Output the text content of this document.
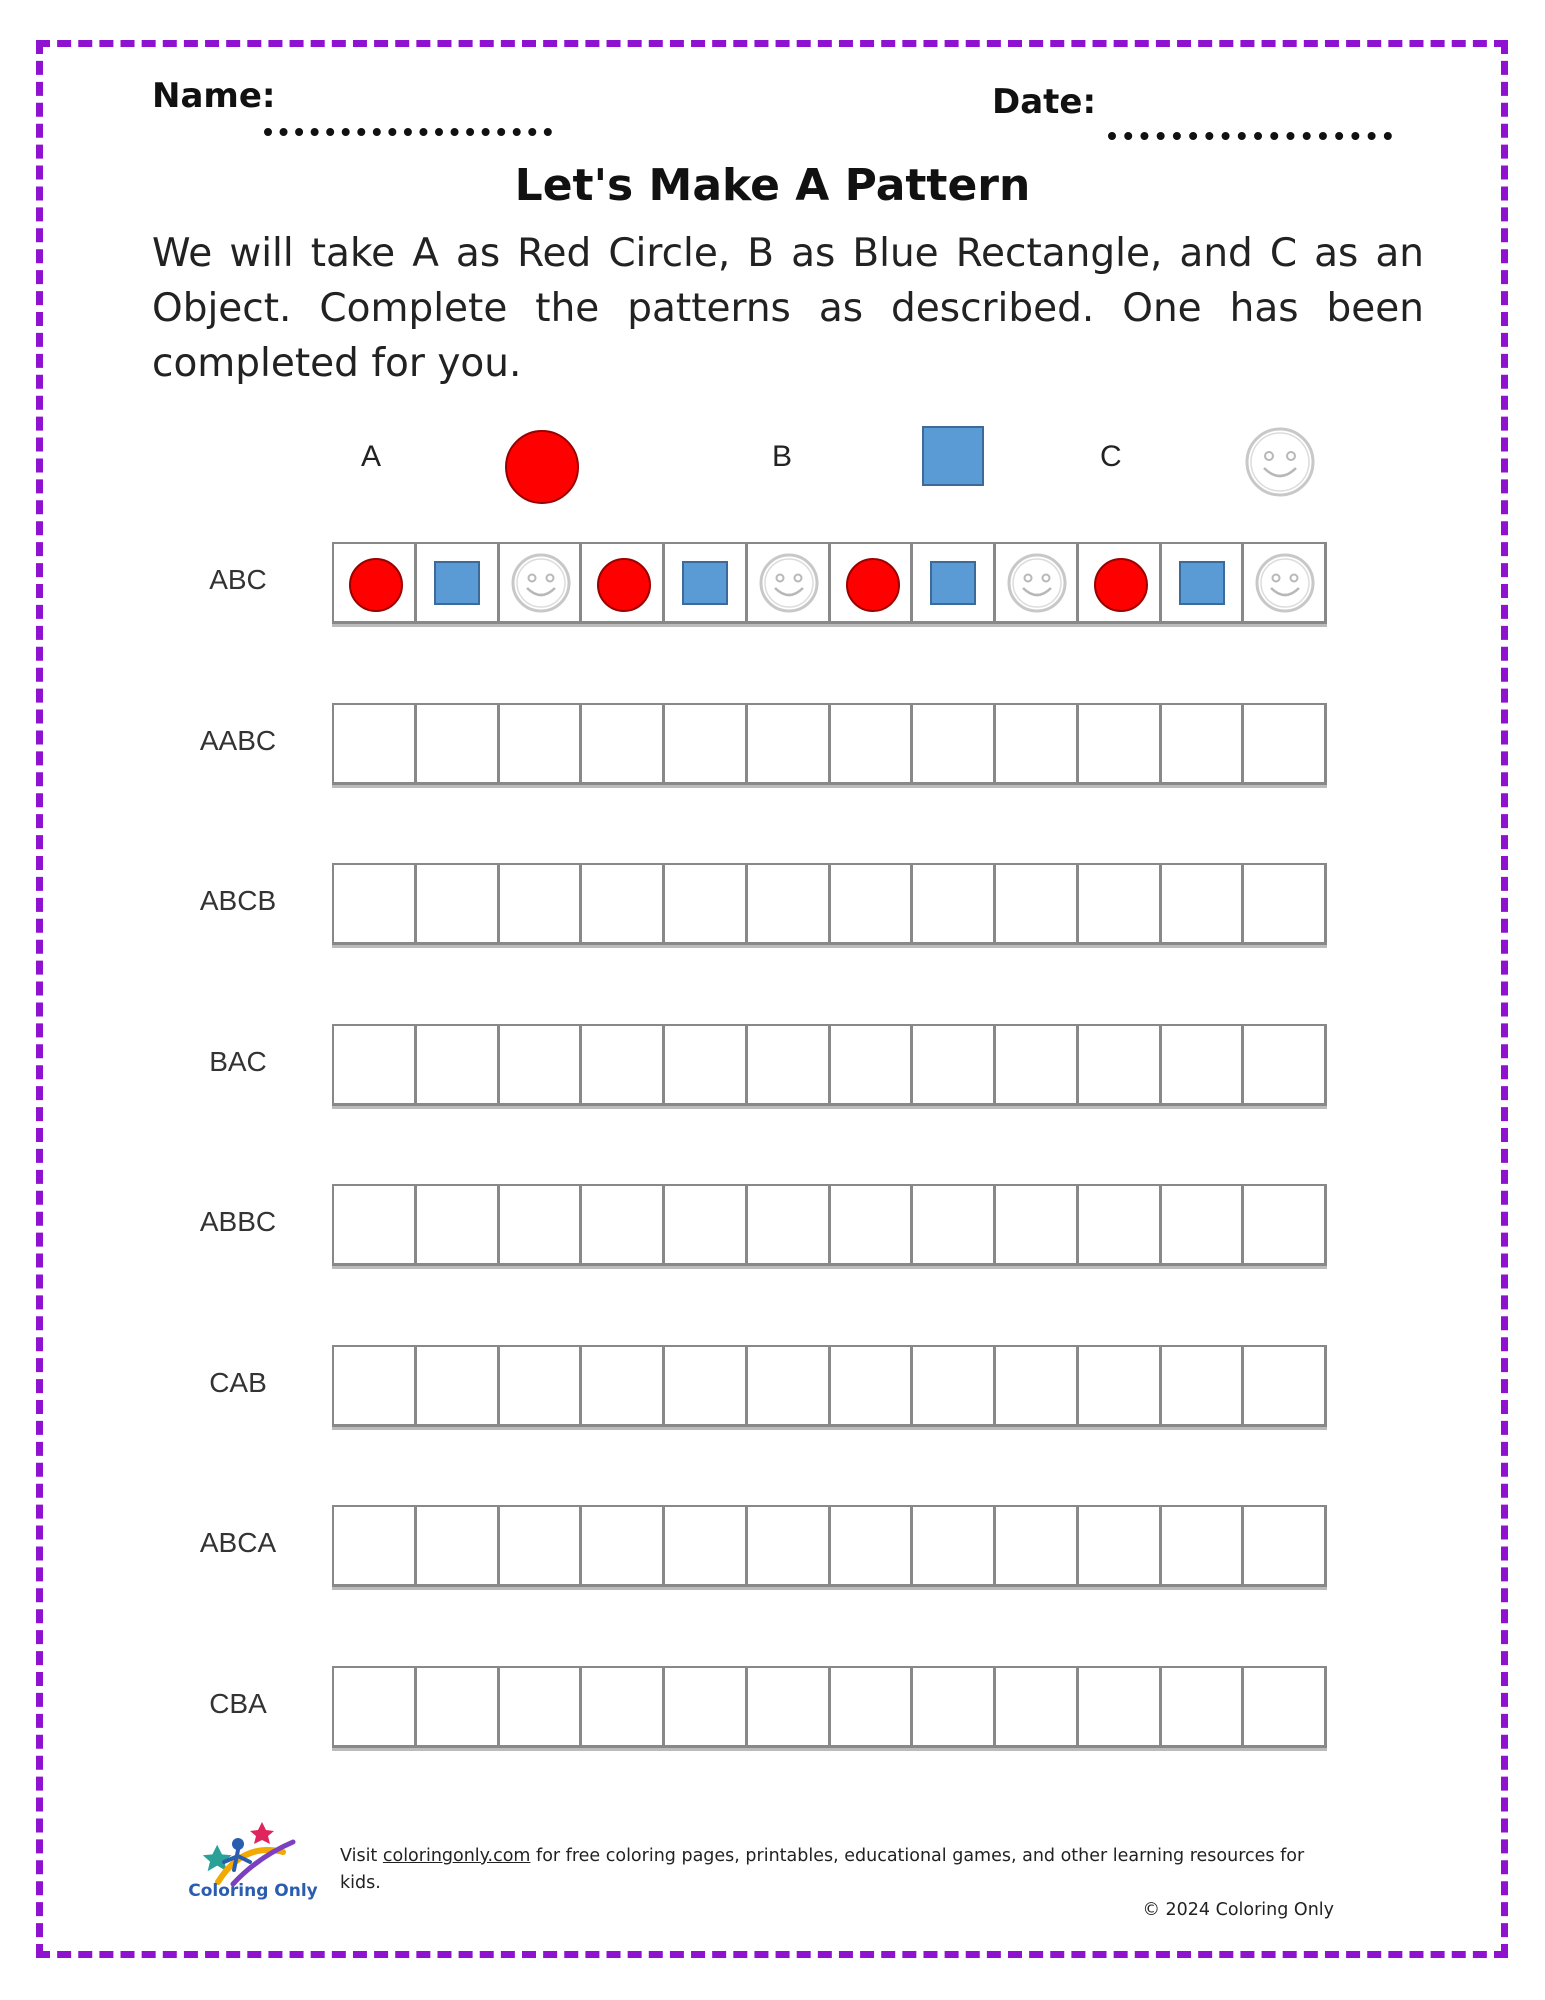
Name:	Date:
Let's Make A Pattern
We will take A as Red Circle, B as Blue Rectangle, and C as an Object. Complete the patterns as described. One has been completed for you.
A	B	C
ABC
AABC
ABCB
BAC
ABBC
CAB
ABCA
CBA
Coloring Only
Visit coloringonly.com for free coloring pages, printables, educational games, and other learning resources for kids.
© 2024 Coloring Only
